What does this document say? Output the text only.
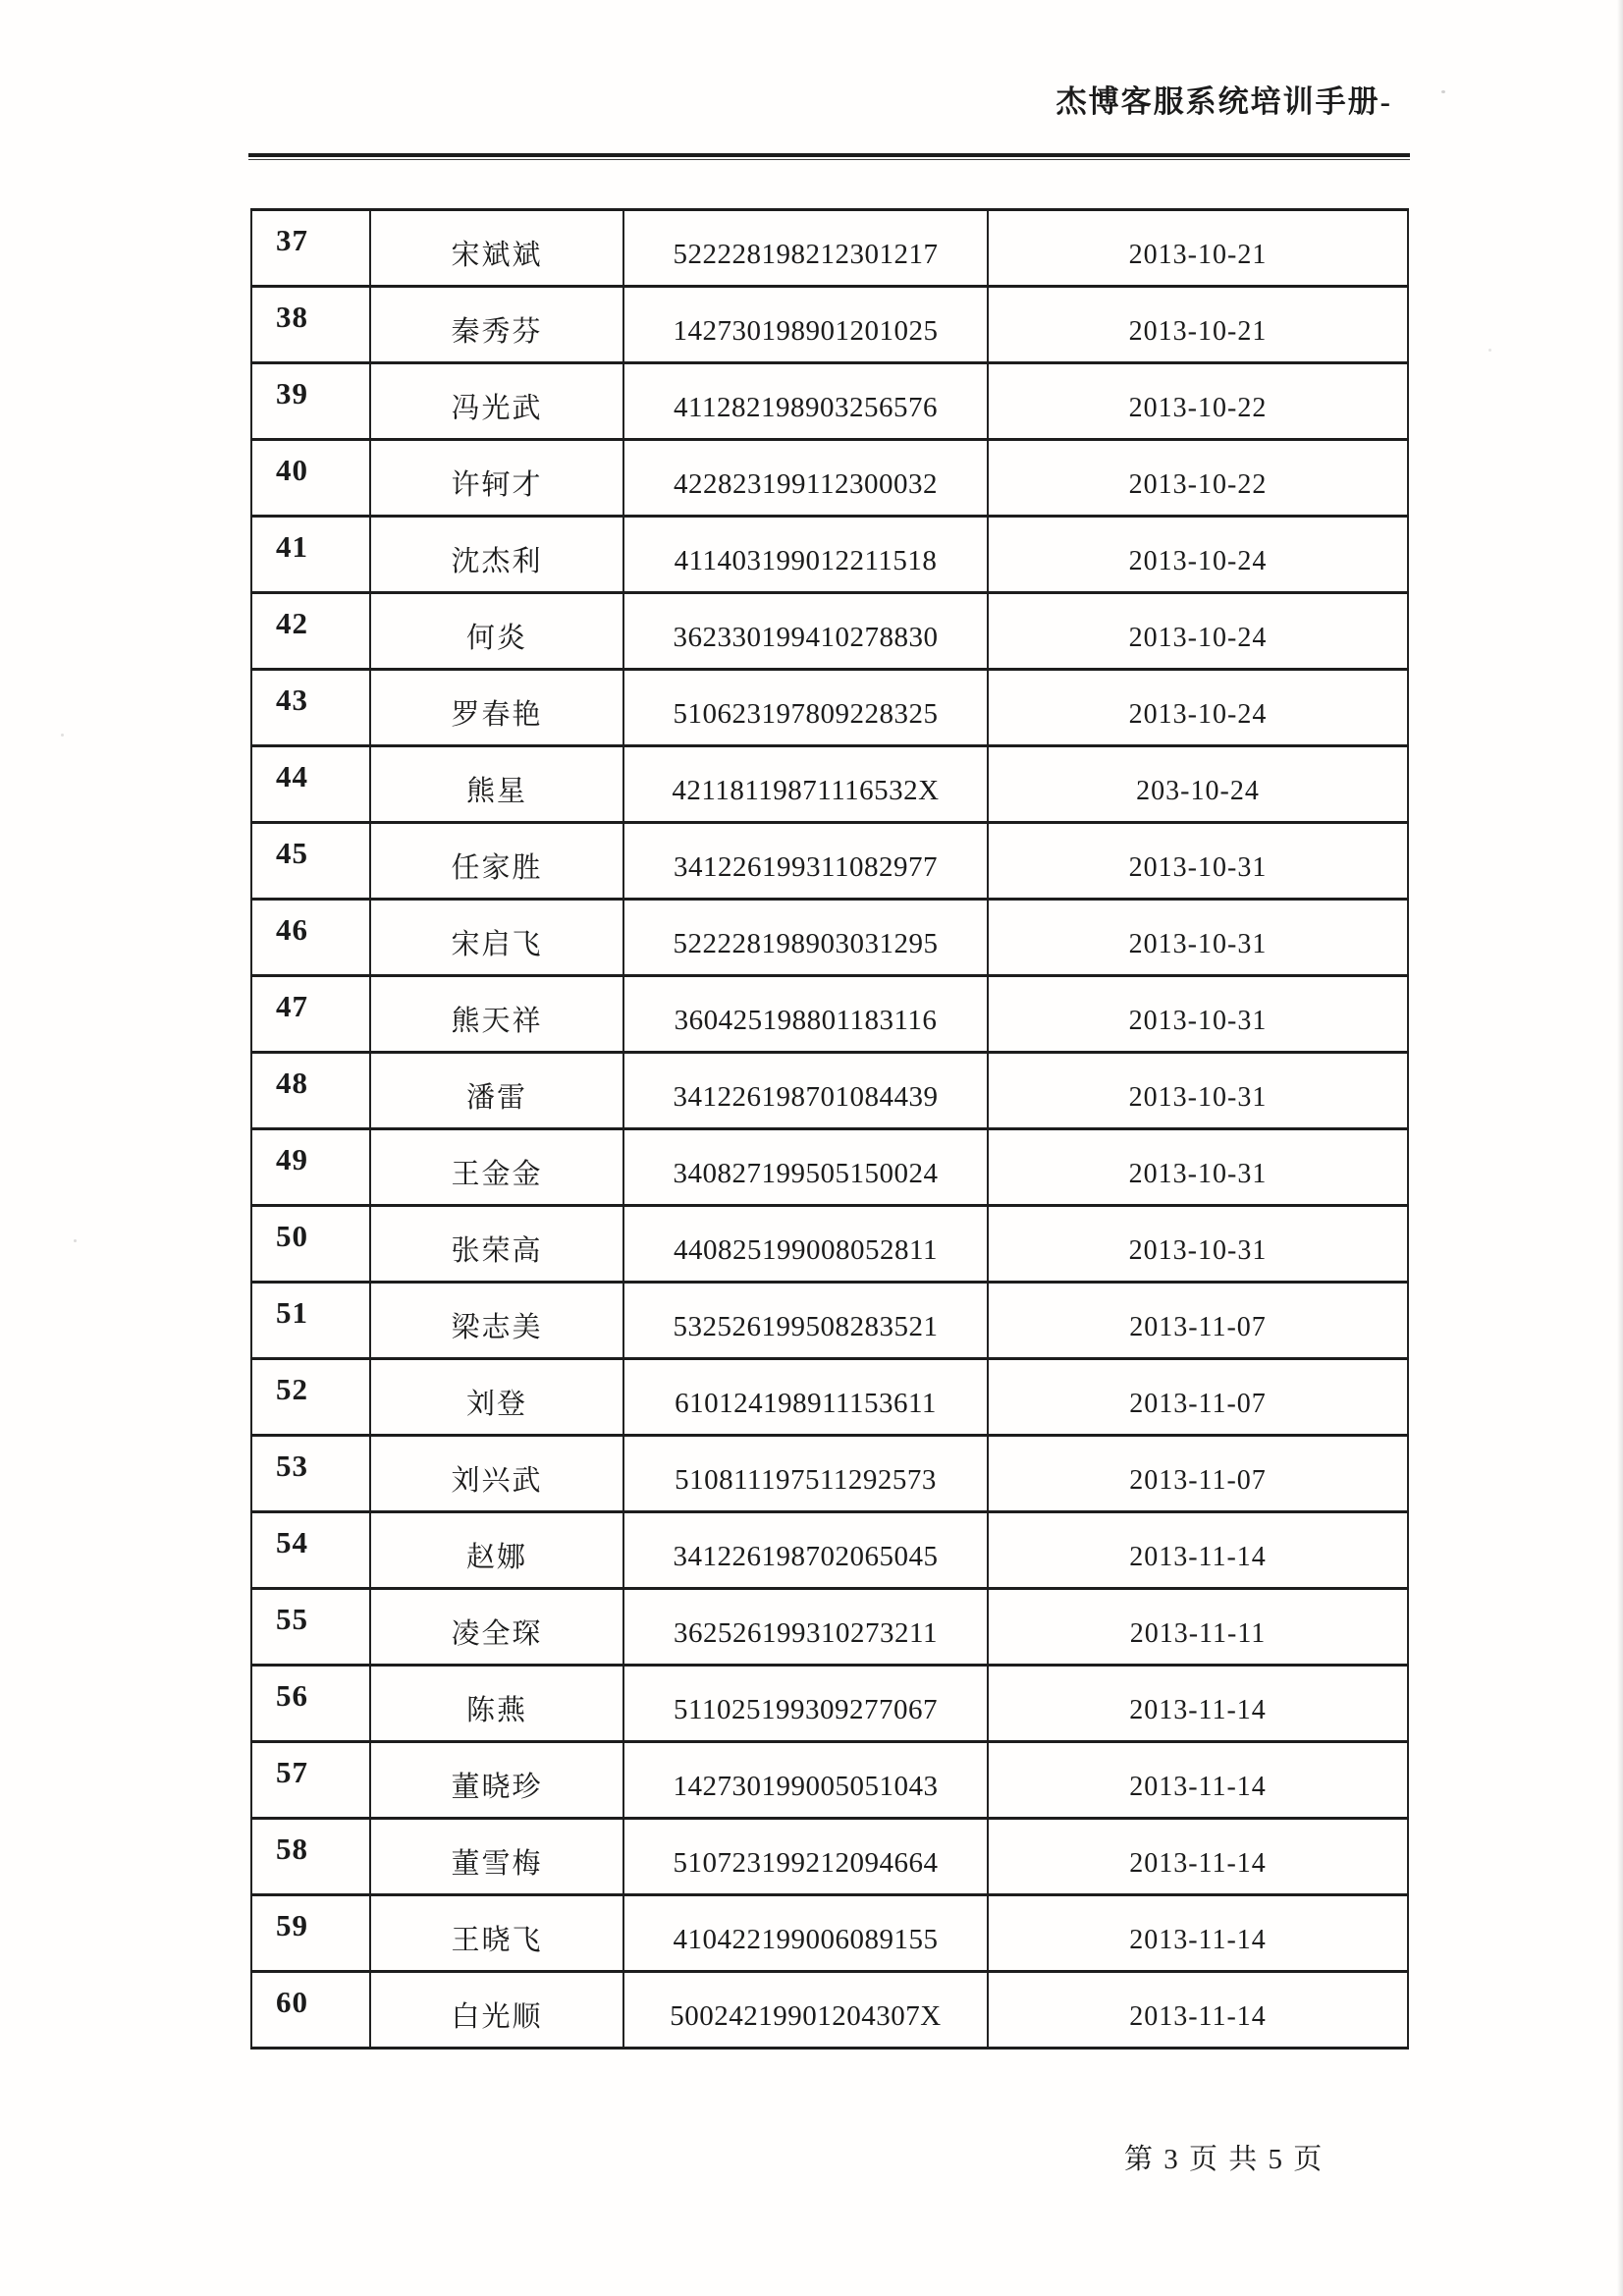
杰博客服系统培训手册-
37	宋斌斌	522228198212301217	2013-10-21
38	秦秀芬	142730198901201025	2013-10-21
39	冯光武	411282198903256576	2013-10-22
40	许轲才	422823199112300032	2013-10-22
41	沈杰利	411403199012211518	2013-10-24
42	何炎	362330199410278830	2013-10-24
43	罗春艳	510623197809228325	2013-10-24
44	熊星	42118119871116532X	203-10-24
45	任家胜	341226199311082977	2013-10-31
46	宋启飞	522228198903031295	2013-10-31
47	熊天祥	360425198801183116	2013-10-31
48	潘雷	341226198701084439	2013-10-31
49	王金金	340827199505150024	2013-10-31
50	张荣高	440825199008052811	2013-10-31
51	梁志美	532526199508283521	2013-11-07
52	刘登	610124198911153611	2013-11-07
53	刘兴武	510811197511292573	2013-11-07
54	赵娜	341226198702065045	2013-11-14
55	凌全琛	362526199310273211	2013-11-11
56	陈燕	511025199309277067	2013-11-14
57	董晓珍	142730199005051043	2013-11-14
58	董雪梅	510723199212094664	2013-11-14
59	王晓飞	410422199006089155	2013-11-14
60	白光顺	50024219901204307X	2013-11-14
第 3 页 共 5 页
